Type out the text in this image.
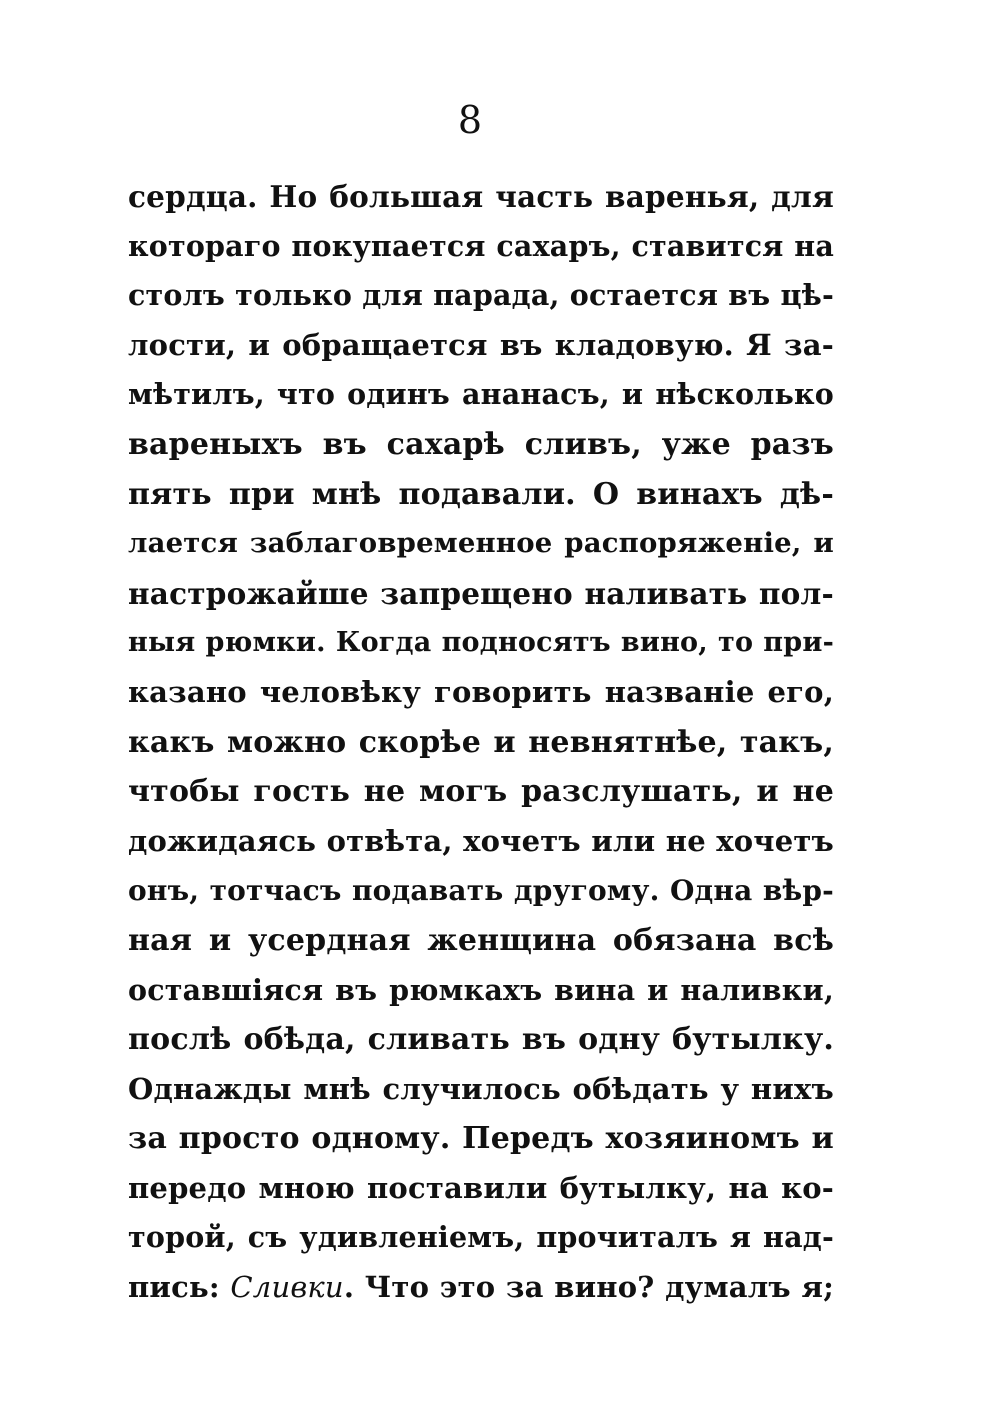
8
сердца. Но большая часть варенья, для
котораго покупается сахаръ, ставится на
столъ только для парада, остается въ цѣ-
лости, и обращается въ кладовую. Я за-
мѣтилъ, что одинъ ананасъ, и нѣсколько
вареныхъ въ сахарѣ сливъ, уже разъ
пять при мнѣ подавали. О винахъ дѣ-
лается заблаговременное распоряженіе, и
настрожайше запрещено наливать пол-
ныя рюмки. Когда подносятъ вино, то при-
казано человѣку говорить названіе его,
какъ можно скорѣе и невнятнѣе, такъ,
чтобы гость не могъ разслушать, и не
дожидаясь отвѣта, хочетъ или не хочетъ
онъ, тотчасъ подавать другому. Одна вѣр-
ная и усердная женщина обязана всѣ
оставшіяся въ рюмкахъ вина и наливки,
послѣ обѣда, сливать въ одну бутылку.
Однажды мнѣ случилось обѣдать у нихъ
за просто одному. Передъ хозяиномъ и
передо мною поставили бутылку, на ко-
торой, съ удивленіемъ, прочиталъ я над-
пись: Сливки. Что это за вино? думалъ я;
